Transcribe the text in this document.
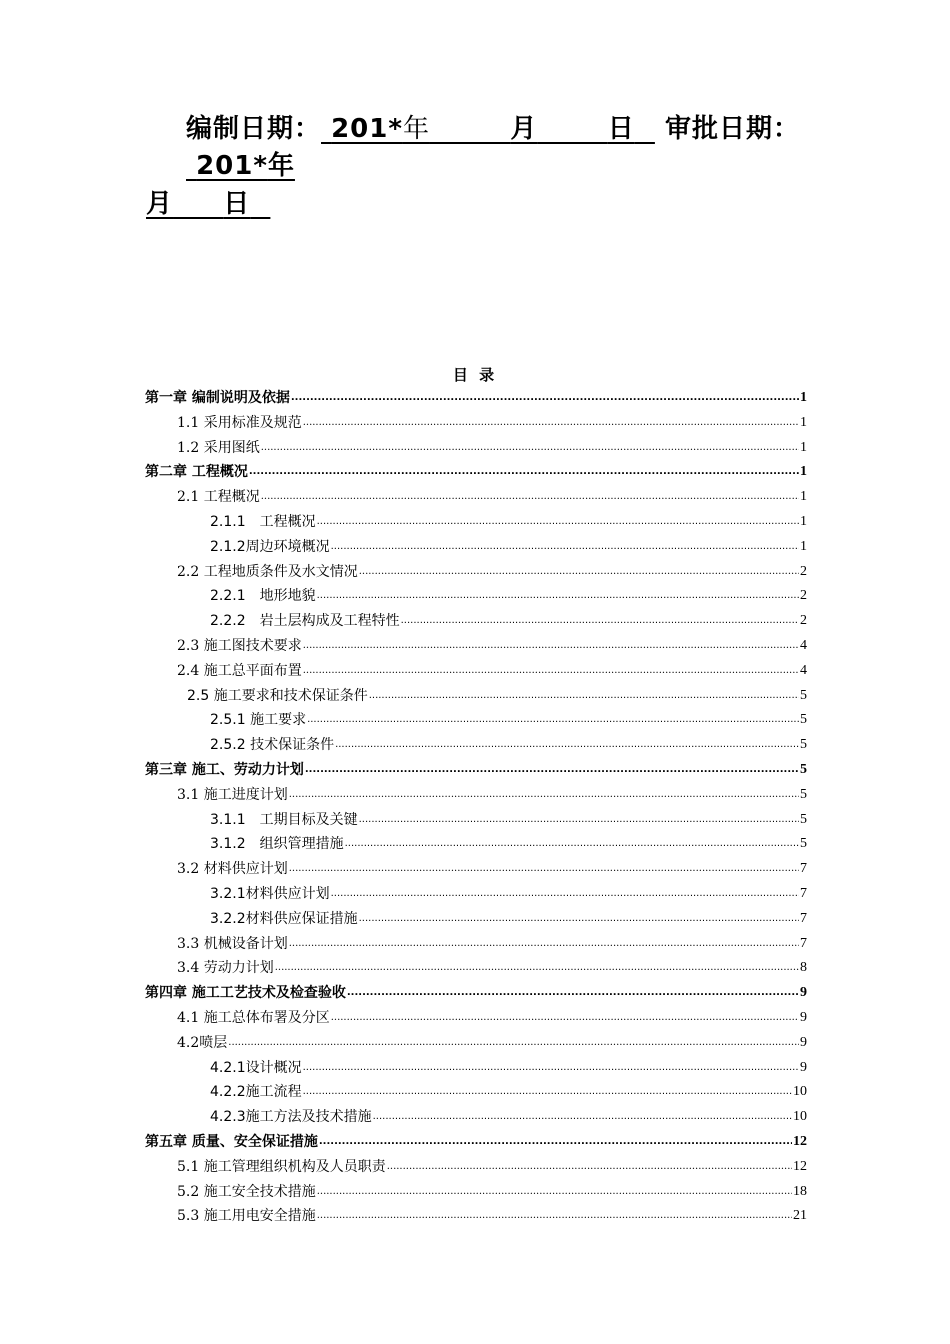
编制日期： 201*年	月	日 审批日期： 201*年
月 日
目 录
第一章 编制说明及依据 .....	1
1.1 采用标准及规范 .....	1
1.2 采用图纸 .....	1
第二章 工程概况 .....	1
2.1 工程概况 .....	1
2.1.1　工程概况 .....	1
2.1.2周边环境概况 .....	1
2.2 工程地质条件及水文情况 .....	2
2.2.1　地形地貌 .....	2
2.2.2　岩土层构成及工程特性 .....	2
2.3 施工图技术要求 .....	4
2.4 施工总平面布置 .....	4
2.5 施工要求和技术保证条件 .....	5
2.5.1 施工要求 .....	5
2.5.2 技术保证条件 .....	5
第三章 施工、劳动力计划 .....	5
3.1 施工进度计划 .....	5
3.1.1　工期目标及关键 .....	5
3.1.2　组织管理措施 .....	5
3.2 材料供应计划 .....	7
3.2.1材料供应计划 .....	7
3.2.2材料供应保证措施 .....	7
3.3 机械设备计划 .....	7
3.4 劳动力计划 .....	8
第四章 施工工艺技术及检查验收 .....	9
4.1 施工总体布署及分区 .....	9
4.2喷层 .....	9
4.2.1设计概况 .....	9
4.2.2施工流程 .....	10
4.2.3施工方法及技术措施 .....	10
第五章 质量、安全保证措施 .....	12
5.1 施工管理组织机构及人员职责 .....	12
5.2 施工安全技术措施 .....	18
5.3 施工用电安全措施 .....	21
